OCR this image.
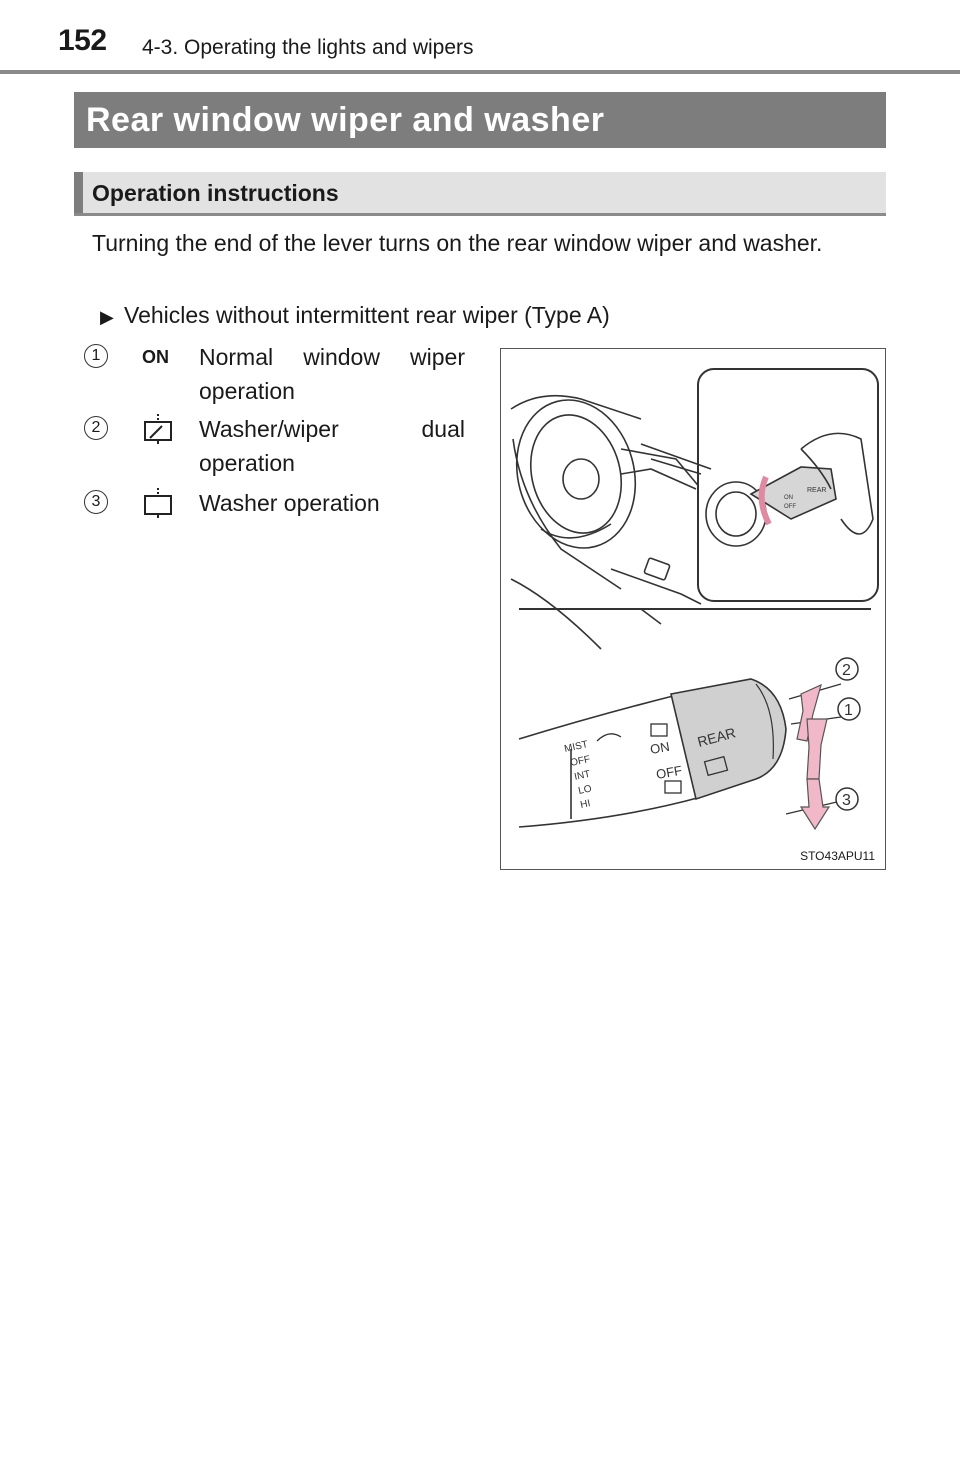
152 4-3. Operating the lights and wipers
Rear window wiper and washer
Operation instructions
Turning the end of the lever turns on the rear window wiper and washer.
▶ Vehicles without intermittent rear wiper (Type A)
1	ON Normal window wiper operation
2	Washer/wiper dual operation
3	Washer operation	REAR
ON
OFF
MIST
OFF
INT
LO
HI
ON
OFF
REAR
2
1
3
STO43APU11
